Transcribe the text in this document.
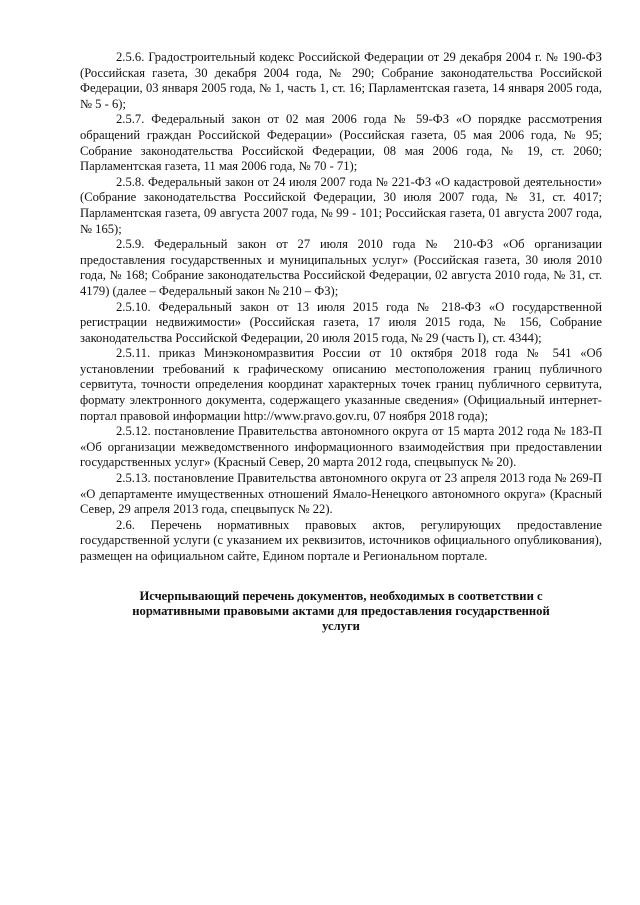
2.5.6. Градостроительный кодекс Российской Федерации от 29 декабря 2004 г. № 190-ФЗ (Российская газета, 30 декабря 2004 года, № 290; Собрание законодательства Российской Федерации, 03 января 2005 года, № 1, часть 1, ст. 16; Парламентская газета, 14 января 2005 года, № 5 - 6);

2.5.7. Федеральный закон от 02 мая 2006 года № 59-ФЗ «О порядке рассмотрения обращений граждан Российской Федерации» (Российская газета, 05 мая 2006 года, № 95; Собрание законодательства Российской Федерации, 08 мая 2006 года, № 19, ст. 2060; Парламентская газета, 11 мая 2006 года, № 70 - 71);

2.5.8. Федеральный закон от 24 июля 2007 года № 221-ФЗ «О кадастровой деятельности» (Собрание законодательства Российской Федерации, 30 июля 2007 года, № 31, ст. 4017; Парламентская газета, 09 августа 2007 года, № 99 - 101; Российская газета, 01 августа 2007 года, № 165);

2.5.9. Федеральный закон от 27 июля 2010 года № 210-ФЗ «Об организации предоставления государственных и муниципальных услуг» (Российская газета, 30 июля 2010 года, № 168; Собрание законодательства Российской Федерации, 02 августа 2010 года, № 31, ст. 4179) (далее – Федеральный закон № 210 – ФЗ);

2.5.10. Федеральный закон от 13 июля 2015 года № 218-ФЗ «О государственной регистрации недвижимости» (Российская газета, 17 июля 2015 года, № 156, Собрание законодательства Российской Федерации, 20 июля 2015 года, № 29 (часть I), ст. 4344);

2.5.11. приказ Минэкономразвития России от 10 октября 2018 года № 541 «Об установлении требований к графическому описанию местоположения границ публичного сервитута, точности определения координат характерных точек границ публичного сервитута, формату электронного документа, содержащего указанные сведения» (Официальный интернет-портал правовой информации http://www.pravo.gov.ru, 07 ноября 2018 года);

2.5.12. постановление Правительства автономного округа от 15 марта 2012 года № 183-П «Об организации межведомственного информационного взаимодействия при предоставлении государственных услуг» (Красный Север, 20 марта 2012 года, спецвыпуск № 20).

2.5.13. постановление Правительства автономного округа от 23 апреля 2013 года № 269-П «О департаменте имущественных отношений Ямало-Ненецкого автономного округа» (Красный Север, 29 апреля 2013 года, спецвыпуск № 22).

2.6. Перечень нормативных правовых актов, регулирующих предоставление государственной услуги (с указанием их реквизитов, источников официального опубликования), размещен на официальном сайте, Едином портале и Региональном портале.

Исчерпывающий перечень документов, необходимых в соответствии с
нормативными правовыми актами для предоставления государственной
услуги
